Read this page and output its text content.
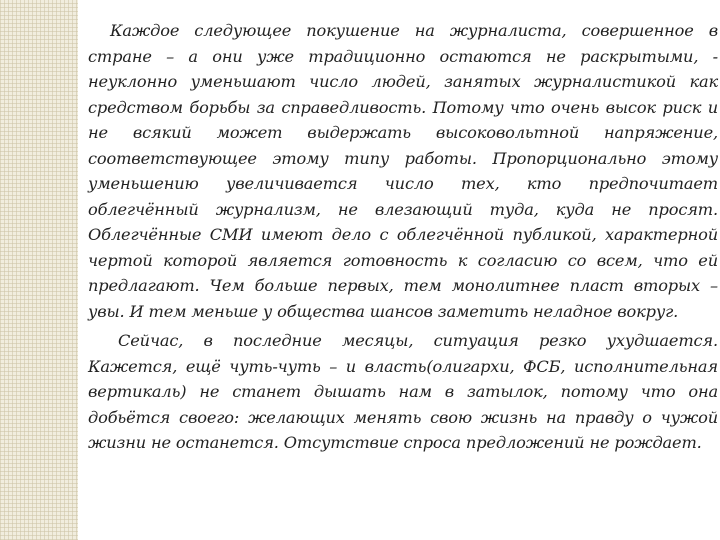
Каждое следующее покушение на журналиста, совершенное в стране – а они уже традиционно остаются не раскрытыми, - неуклонно уменьшают число людей, занятых журналистикой как средством борьбы за справедливость. Потому что очень высок риск и не всякий может выдержать высоковольтной напряжение, соответствующее этому типу работы. Пропорционально этому уменьшению увеличивается число тех, кто предпочитает облегчённый журнализм, не влезающий туда, куда не просят. Облегчённые СМИ имеют дело с облегчённой публикой, характерной чертой которой является готовность к согласию со всем, что ей предлагают. Чем больше первых, тем монолитнее пласт вторых – увы. И тем меньше у общества шансов заметить неладное вокруг.

Сейчас, в последние месяцы, ситуация резко ухудшается. Кажется, ещё чуть-чуть – и власть(олигархи, ФСБ, исполнительная вертикаль) не станет дышать нам в затылок, потому что она добьётся своего: желающих менять свою жизнь на правду о чужой жизни не останется. Отсутствие спроса предложений не рождает.
